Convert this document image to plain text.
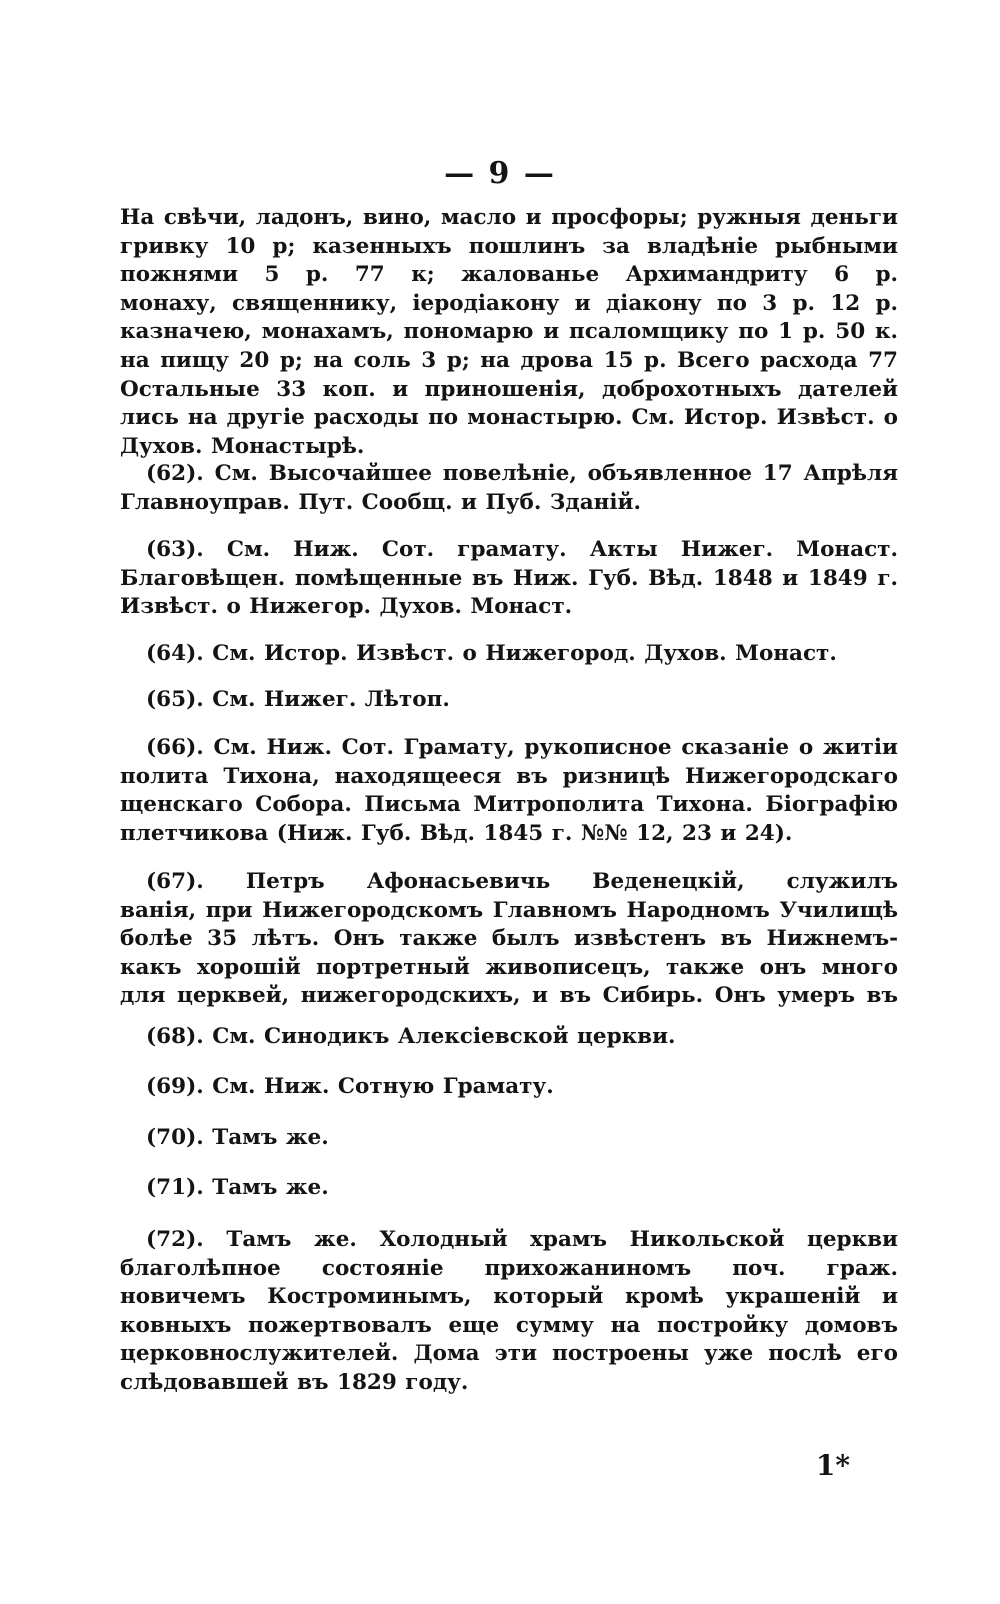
— 9 —
На свѣчи, ладонъ, вино, масло и просфоры; ружныя деньги
гривку 10 р; казенныхъ пошлинъ за владѣніе рыбными
пожнями 5 р. 77 к; жалованье Архимандриту 6 р.
монаху, священнику, іеродіакону и діакону по 3 р. 12 р.
казначею, монахамъ, пономарю и псаломщику по 1 р. 50 к.
на пищу 20 р; на соль 3 р; на дрова 15 р. Всего расхода 77
Остальные 33 коп. и приношенія, доброхотныхъ дателей
лись на другіе расходы по монастырю. См. Истор. Извѣст. о
Духов. Монастырѣ.
(62). См. Высочайшее повелѣніе, объявленное 17 Апрѣля
Главноуправ. Пут. Сообщ. и Пуб. Зданій.
(63). См. Ниж. Сот. грамату. Акты Нижег. Монаст.
Благовѣщен. помѣщенные въ Ниж. Губ. Вѣд. 1848 и 1849 г.
Извѣст. о Нижегор. Духов. Монаст.
(64). См. Истор. Извѣст. о Нижегород. Духов. Монаст.
(65). См. Нижег. Лѣтоп.
(66). См. Ниж. Сот. Грамату, рукописное сказаніе о житіи
полита Тихона, находящееся въ ризницѣ Нижегородскаго
щенскаго Собора. Письма Митрополита Тихона. Біографію
плетчикова (Ниж. Губ. Вѣд. 1845 г. №№ 12, 23 и 24).
(67). Петръ Афонасьевичь Веденецкій, служилъ
ванія, при Нижегородскомъ Главномъ Народномъ Училищѣ
болѣе 35 лѣтъ. Онъ также былъ извѣстенъ въ Нижнемъ-
какъ хорошій портретный живописецъ, также онъ много
для церквей, нижегородскихъ, и въ Сибирь. Онъ умеръ въ
(68). См. Синодикъ Алексіевской церкви.
(69). См. Ниж. Сотную Грамату.
(70). Тамъ же.
(71). Тамъ же.
(72). Тамъ же. Холодный храмъ Никольской церкви
благолѣпное состояніе прихожаниномъ поч. граж.
новичемъ Костроминымъ, который кромѣ украшеній и
ковныхъ пожертвовалъ еще сумму на постройку домовъ
церковнослужителей. Дома эти построены уже послѣ его
слѣдовавшей въ 1829 году.
1*
